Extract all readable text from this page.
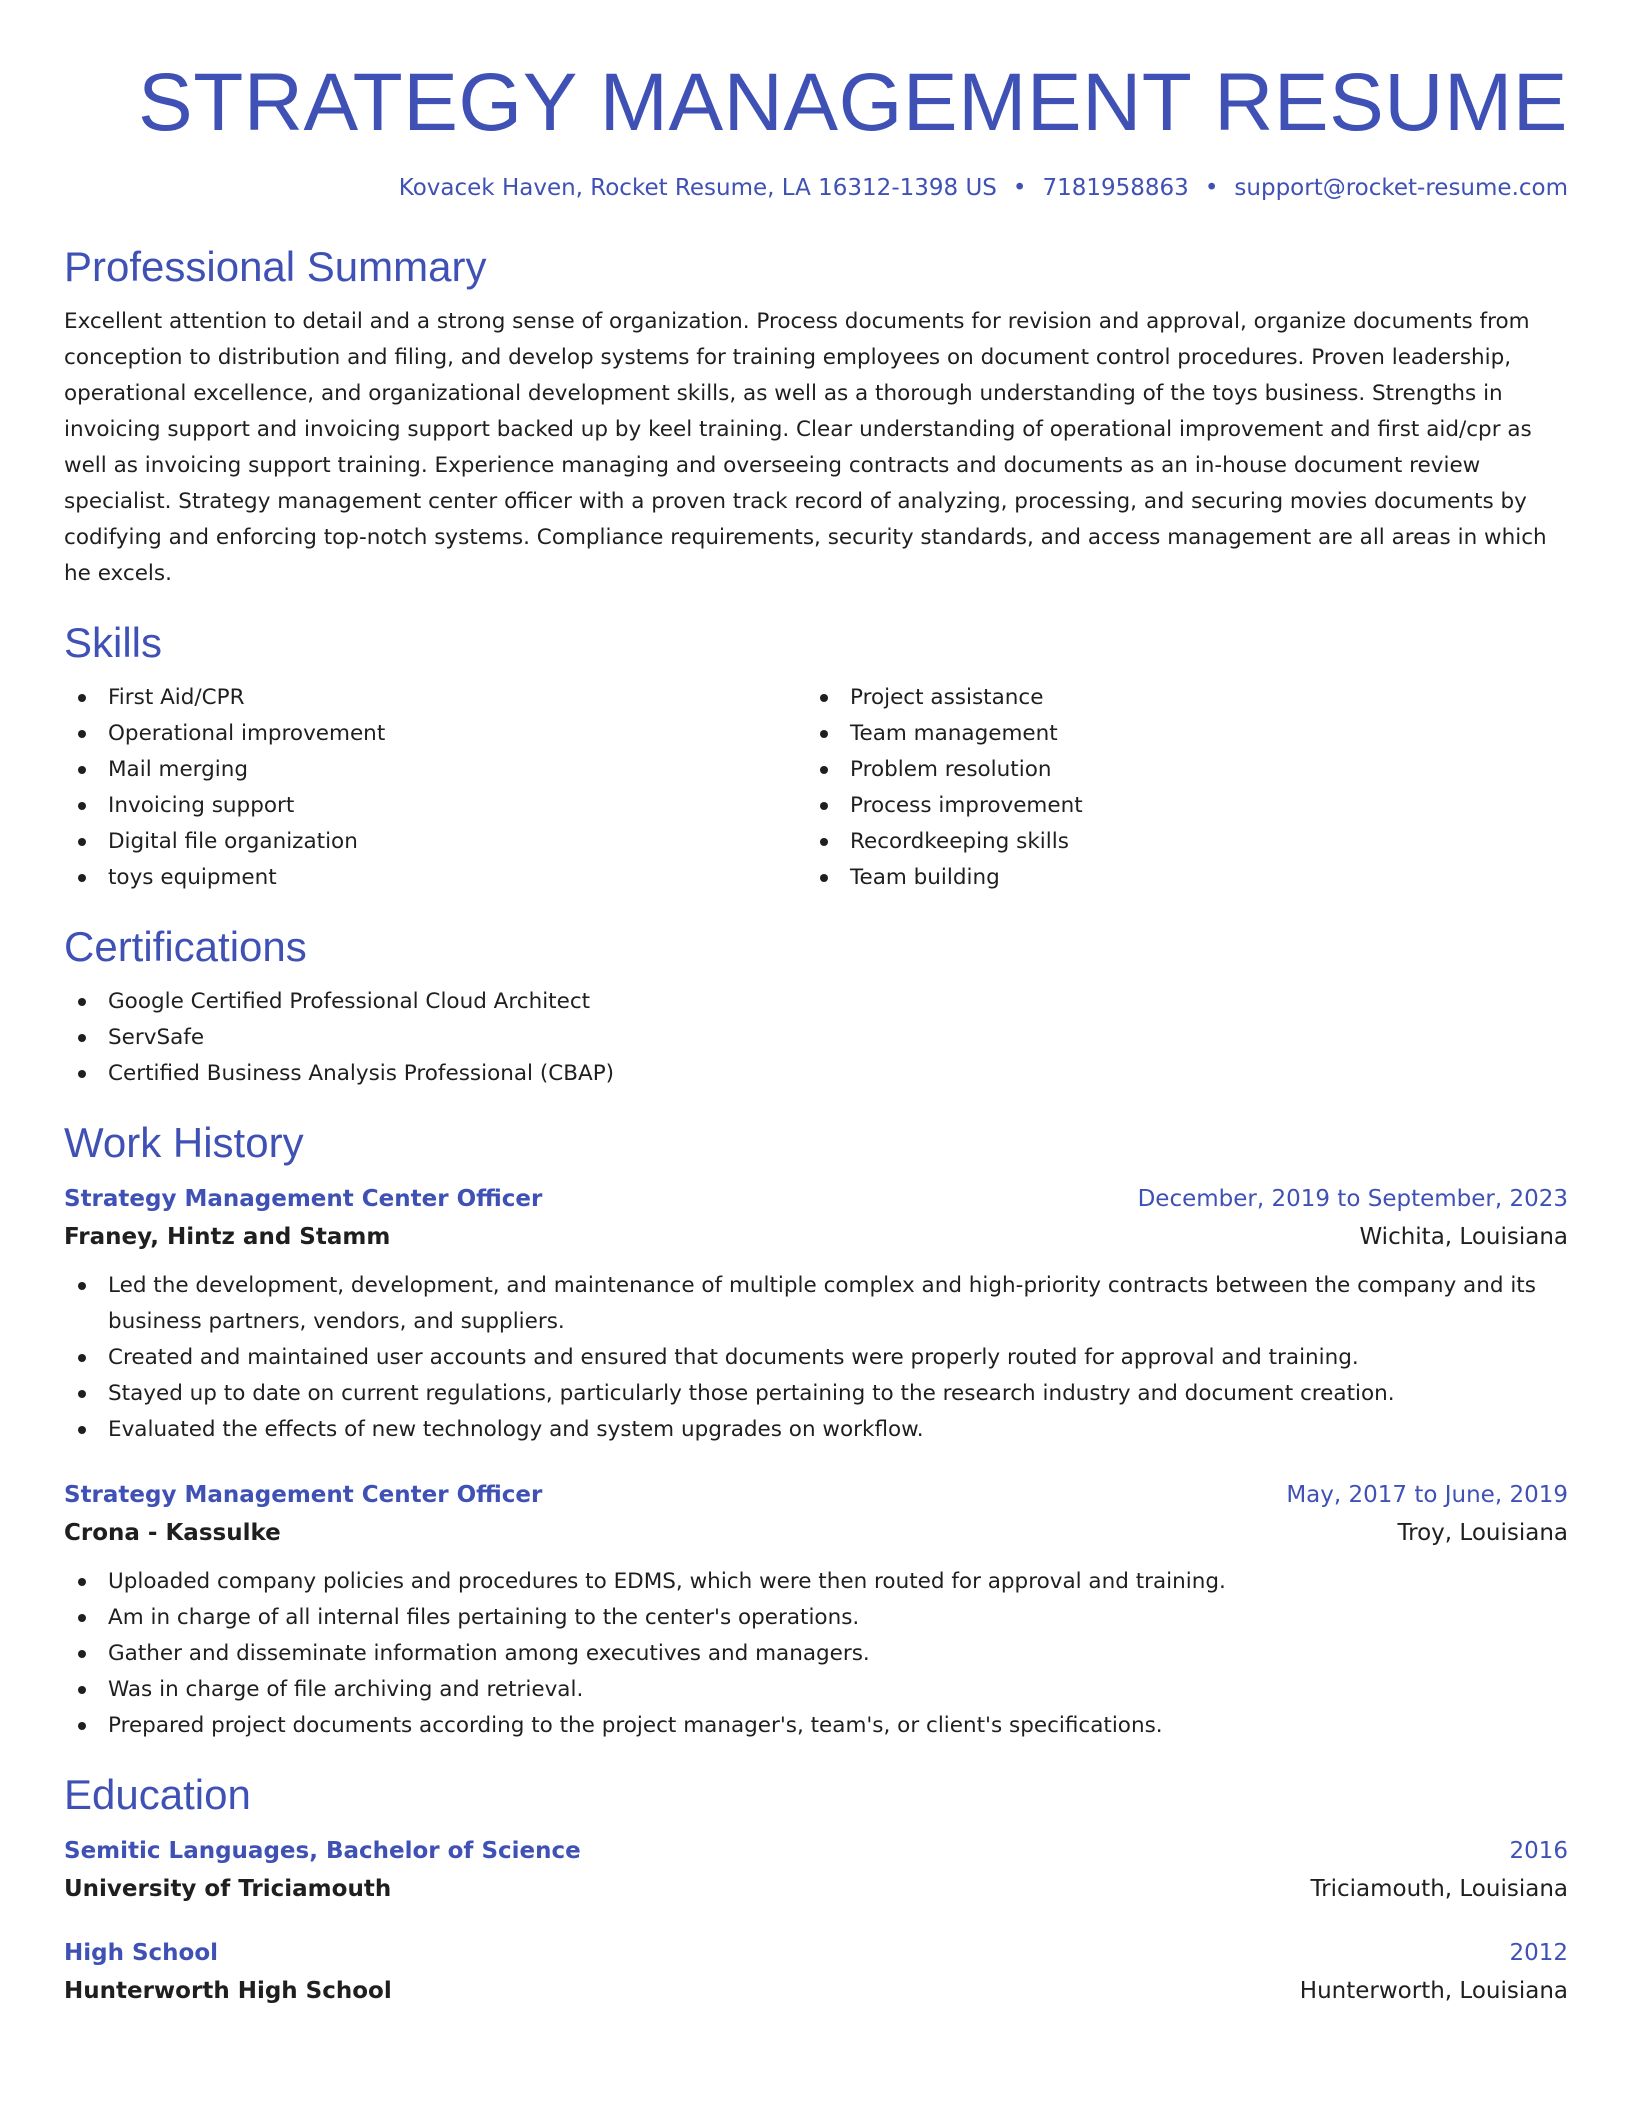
STRATEGY MANAGEMENT RESUME
Kovacek Haven, Rocket Resume, LA 16312-1398 US • 7181958863 • support@rocket-resume.com
Professional Summary

Excellent attention to detail and a strong sense of organization. Process documents for revision and approval, organize documents from conception to distribution and filing, and develop systems for training employees on document control procedures. Proven leadership, operational excellence, and organizational development skills, as well as a thorough understanding of the toys business. Strengths in invoicing support and invoicing support backed up by keel training. Clear understanding of operational improvement and first aid/cpr as well as invoicing support training. Experience managing and overseeing contracts and documents as an in-house document review specialist. Strategy management center officer with a proven track record of analyzing, processing, and securing movies documents by codifying and enforcing top-notch systems. Compliance requirements, security standards, and access management are all areas in which he excels.

Skills
First Aid/CPR
Operational improvement
Mail merging
Invoicing support
Digital file organization
toys equipment
Project assistance
Team management
Problem resolution
Process improvement
Recordkeeping skills
Team building
Certifications
Google Certified Professional Cloud Architect
ServSafe
Certified Business Analysis Professional (CBAP)
Work History
Strategy Management Center Officer	December, 2019 to September, 2023
Franey, Hintz and Stamm	Wichita, Louisiana
Led the development, development, and maintenance of multiple complex and high-priority contracts between the company and its business partners, vendors, and suppliers.
Created and maintained user accounts and ensured that documents were properly routed for approval and training.
Stayed up to date on current regulations, particularly those pertaining to the research industry and document creation.
Evaluated the effects of new technology and system upgrades on workflow.
Strategy Management Center Officer	May, 2017 to June, 2019
Crona - Kassulke	Troy, Louisiana
Uploaded company policies and procedures to EDMS, which were then routed for approval and training.
Am in charge of all internal files pertaining to the center's operations.
Gather and disseminate information among executives and managers.
Was in charge of file archiving and retrieval.
Prepared project documents according to the project manager's, team's, or client's specifications.
Education
Semitic Languages, Bachelor of Science	2016
University of Triciamouth	Triciamouth, Louisiana
High School	2012
Hunterworth High School	Hunterworth, Louisiana
